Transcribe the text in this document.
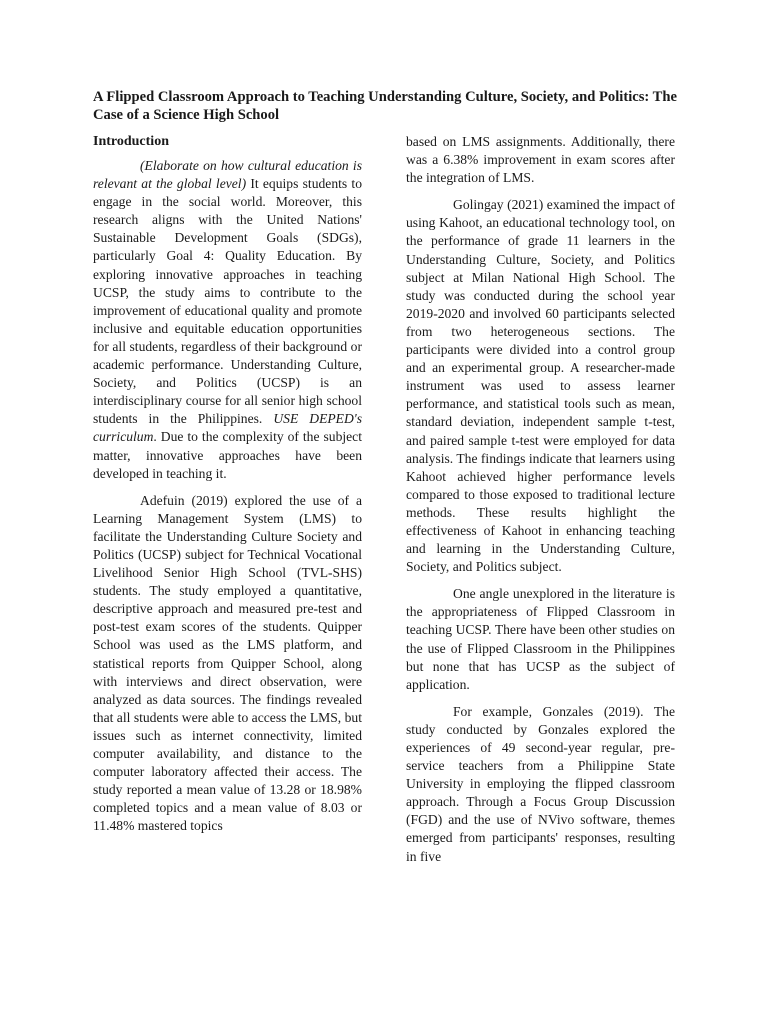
A Flipped Classroom Approach to Teaching Understanding Culture, Society, and Politics: The Case of a Science High School
Introduction

(Elaborate on how cultural education is relevant at the global level) It equips students to engage in the social world. Moreover, this research aligns with the United Nations' Sustainable Development Goals (SDGs), particularly Goal 4: Quality Education. By exploring innovative approaches in teaching UCSP, the study aims to contribute to the improvement of educational quality and promote inclusive and equitable education opportunities for all students, regardless of their background or academic performance. Understanding Culture, Society, and Politics (UCSP) is an interdisciplinary course for all senior high school students in the Philippines. USE DEPED's curriculum. Due to the complexity of the subject matter, innovative approaches have been developed in teaching it.

Adefuin (2019) explored the use of a Learning Management System (LMS) to facilitate the Understanding Culture Society and Politics (UCSP) subject for Technical Vocational Livelihood Senior High School (TVL-SHS) students. The study employed a quantitative, descriptive approach and measured pre-test and post-test exam scores of the students. Quipper School was used as the LMS platform, and statistical reports from Quipper School, along with interviews and direct observation, were analyzed as data sources. The findings revealed that all students were able to access the LMS, but issues such as internet connectivity, limited computer availability, and distance to the computer laboratory affected their access. The study reported a mean value of 13.28 or 18.98% completed topics and a mean value of 8.03 or 11.48% mastered topics

based on LMS assignments. Additionally, there was a 6.38% improvement in exam scores after the integration of LMS.

Golingay (2021) examined the impact of using Kahoot, an educational technology tool, on the performance of grade 11 learners in the Understanding Culture, Society, and Politics subject at Milan National High School. The study was conducted during the school year 2019-2020 and involved 60 participants selected from two heterogeneous sections. The participants were divided into a control group and an experimental group. A researcher-made instrument was used to assess learner performance, and statistical tools such as mean, standard deviation, independent sample t-test, and paired sample t-test were employed for data analysis. The findings indicate that learners using Kahoot achieved higher performance levels compared to those exposed to traditional lecture methods. These results highlight the effectiveness of Kahoot in enhancing teaching and learning in the Understanding Culture, Society, and Politics subject.

One angle unexplored in the literature is the appropriateness of Flipped Classroom in teaching UCSP. There have been other studies on the use of Flipped Classroom in the Philippines but none that has UCSP as the subject of application.

For example, Gonzales (2019). The study conducted by Gonzales explored the experiences of 49 second-year regular, pre-service teachers from a Philippine State University in employing the flipped classroom approach. Through a Focus Group Discussion (FGD) and the use of NVivo software, themes emerged from participants' responses, resulting in five
